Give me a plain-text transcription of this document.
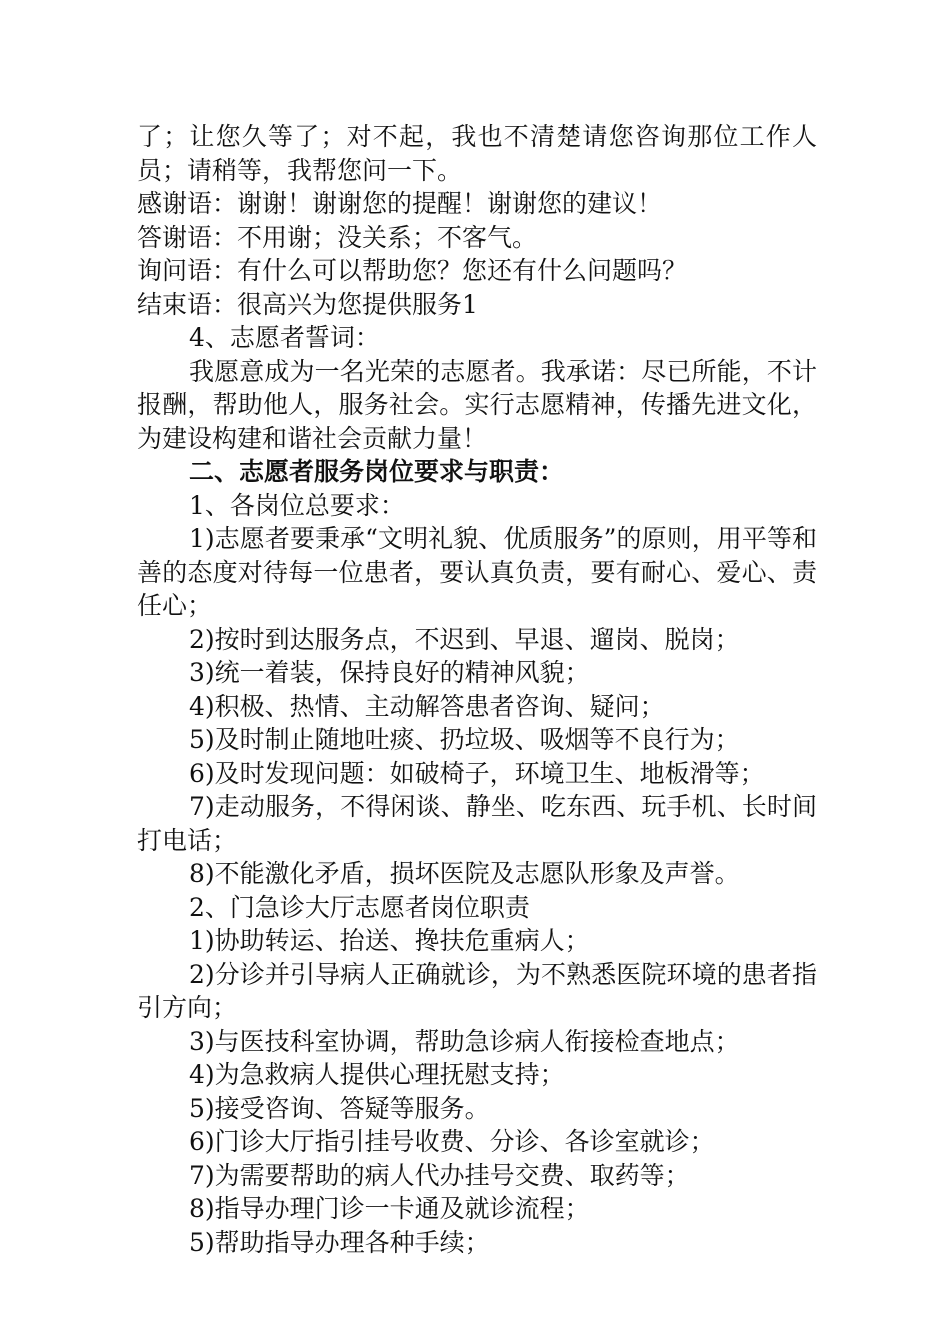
了；让您久等了；对不起，我也不清楚请您咨询那位工作人员；请稍等，我帮您问一下。

感谢语：谢谢！谢谢您的提醒！谢谢您的建议！

答谢语：不用谢；没关系；不客气。

询问语：有什么可以帮助您？您还有什么问题吗？

结束语：很高兴为您提供服务1

4、志愿者誓词：

我愿意成为一名光荣的志愿者。我承诺：尽已所能，不计报酬，帮助他人，服务社会。实行志愿精神，传播先进文化，为建设构建和谐社会贡献力量！

二、志愿者服务岗位要求与职责：

1、各岗位总要求：

1)志愿者要秉承“文明礼貌、优质服务”的原则，用平等和善的态度对待每一位患者，要认真负责，要有耐心、爱心、责任心；

2)按时到达服务点，不迟到、早退、遛岗、脱岗；

3)统一着装，保持良好的精神风貌；

4)积极、热情、主动解答患者咨询、疑问；

5)及时制止随地吐痰、扔垃圾、吸烟等不良行为；

6)及时发现问题：如破椅子，环境卫生、地板滑等；

7)走动服务，不得闲谈、静坐、吃东西、玩手机、长时间打电话；

8)不能激化矛盾，损坏医院及志愿队形象及声誉。

2、门急诊大厅志愿者岗位职责

1)协助转运、抬送、搀扶危重病人；

2)分诊并引导病人正确就诊，为不熟悉医院环境的患者指引方向；

3)与医技科室协调，帮助急诊病人衔接检查地点；

4)为急救病人提供心理抚慰支持；

5)接受咨询、答疑等服务。

6)门诊大厅指引挂号收费、分诊、各诊室就诊；

7)为需要帮助的病人代办挂号交费、取药等；

8)指导办理门诊一卡通及就诊流程；

5)帮助指导办理各种手续；
